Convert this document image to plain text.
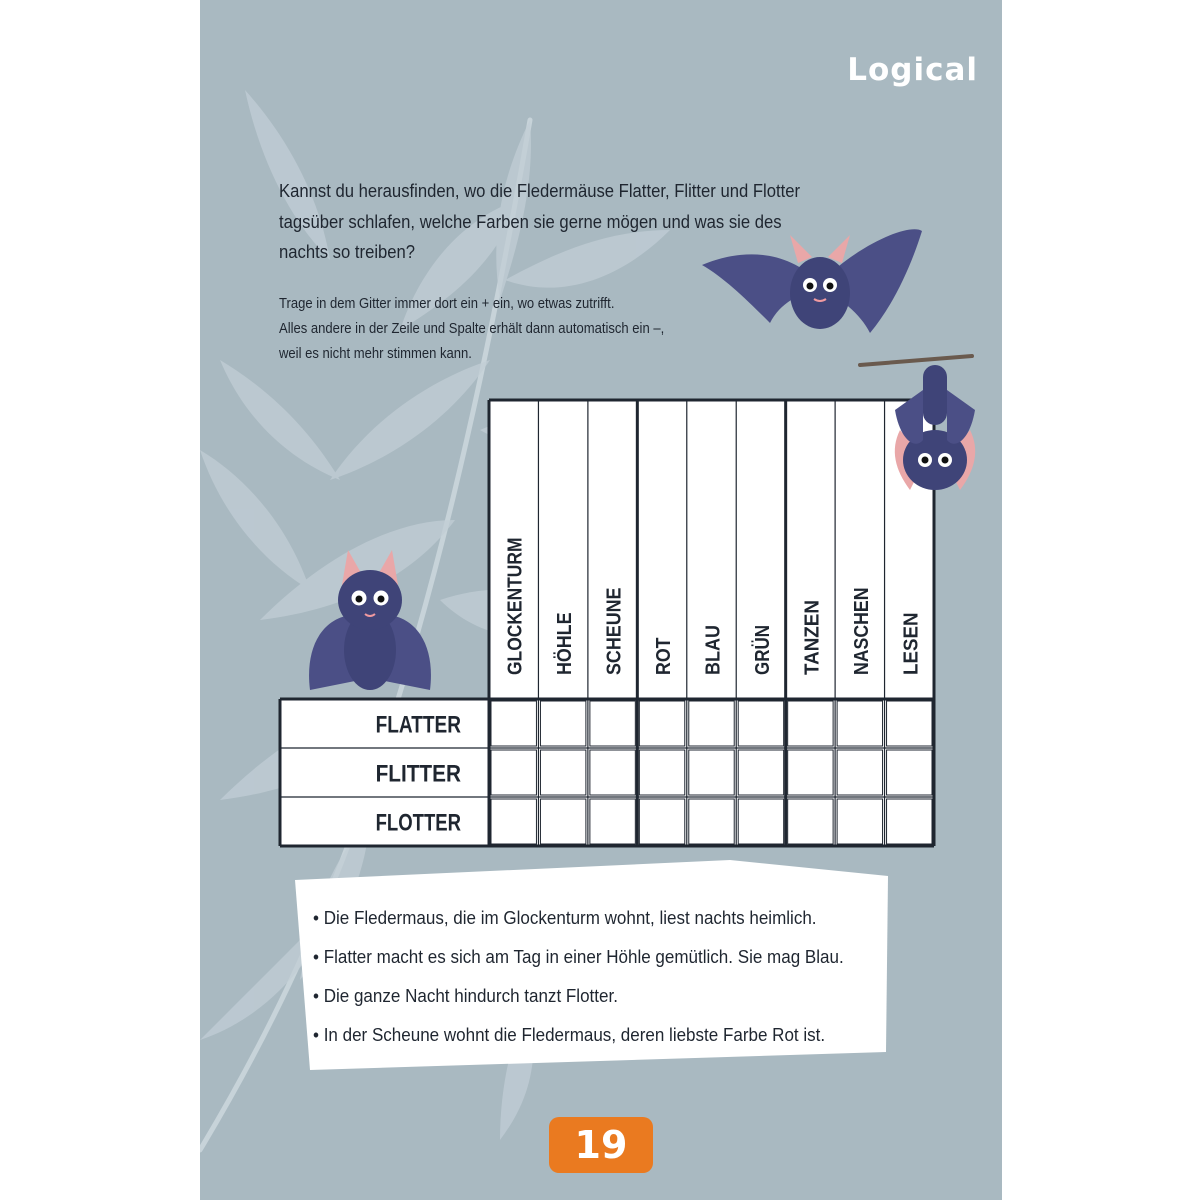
Logical
Kannst du herausfinden, wo die Fledermäuse Flatter, Flitter und Flotter tagsüber schlafen, welche Farben sie gerne mögen und was sie des nachts so treiben?
Trage in dem Gitter immer dort ein + ein, wo etwas zutrifft.
Alles andere in der Zeile und Spalte erhält dann automatisch ein –,
weil es nicht mehr stimmen kann.
GLOCKENTURM HÖHLE SCHEUNE ROT BLAU GRÜN TANZEN NASCHEN LESEN
FLATTER
FLITTER
FLOTTER
• Die Fledermaus, die im Glockenturm wohnt, liest nachts heimlich.
• Flatter macht es sich am Tag in einer Höhle gemütlich. Sie mag Blau.
• Die ganze Nacht hindurch tanzt Flotter.
• In der Scheune wohnt die Fledermaus, deren liebste Farbe Rot ist.
19
